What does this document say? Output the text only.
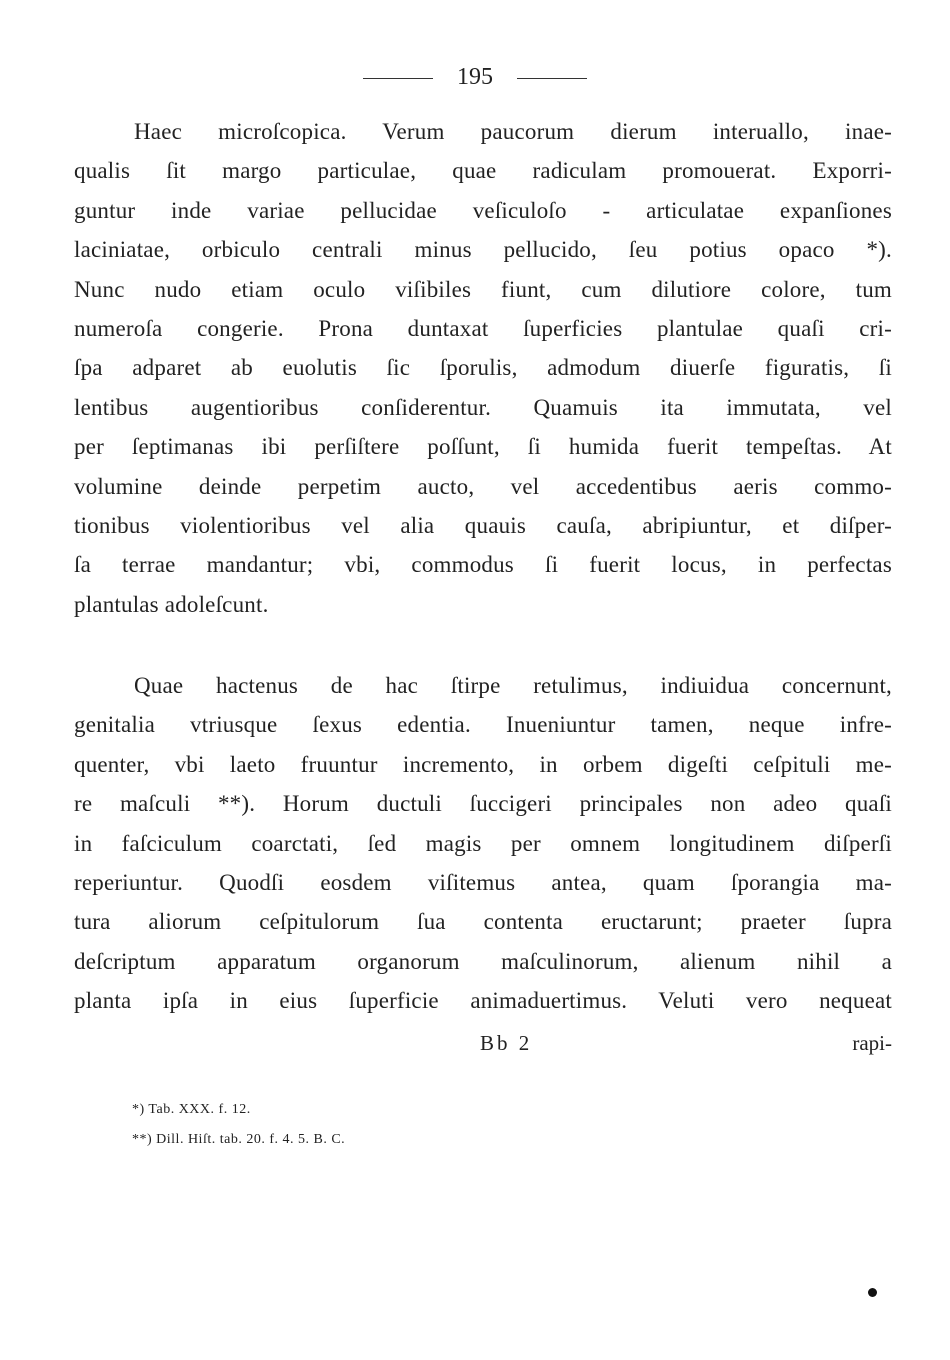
195
Haec microſcopica. Verum paucorum dierum interuallo, inae-
qualis ſit margo particulae, quae radiculam promouerat. Exporri-
guntur inde variae pellucidae veſiculoſo - articulatae expanſiones
laciniatae, orbiculo centrali minus pellucido, ſeu potius opaco *).
Nunc nudo etiam oculo viſibiles fiunt, cum dilutiore colore, tum
numeroſa congerie. Prona duntaxat ſuperficies plantulae quaſi cri-
ſpa adparet ab euolutis ſic ſporulis, admodum diuerſe figuratis, ſi
lentibus augentioribus conſiderentur. Quamuis ita immutata, vel
per ſeptimanas ibi perſiſtere poſſunt, ſi humida fuerit tempeſtas. At
volumine deinde perpetim aucto, vel accedentibus aeris commo-
tionibus violentioribus vel alia quauis cauſa, abripiuntur, et diſper-
ſa terrae mandantur; vbi, commodus ſi fuerit locus, in perfectas
plantulas adoleſcunt.
Quae hactenus de hac ſtirpe retulimus, indiuidua concernunt,
genitalia vtriusque ſexus edentia. Inueniuntur tamen, neque infre-
quenter, vbi laeto fruuntur incremento, in orbem digeſti ceſpituli me-
re maſculi **). Horum ductuli ſuccigeri principales non adeo quaſi
in faſciculum coarctati, ſed magis per omnem longitudinem diſperſi
reperiuntur. Quodſi eosdem viſitemus antea, quam ſporangia ma-
tura aliorum ceſpitulorum ſua contenta eructarunt; praeter ſupra
deſcriptum apparatum organorum maſculinorum, alienum nihil a
planta ipſa in eius ſuperficie animaduertimus. Veluti vero nequeat
Bb 2	rapi-
*) Tab. XXX. f. 12.
**) Dill. Hiſt. tab. 20. f. 4. 5. B. C.
